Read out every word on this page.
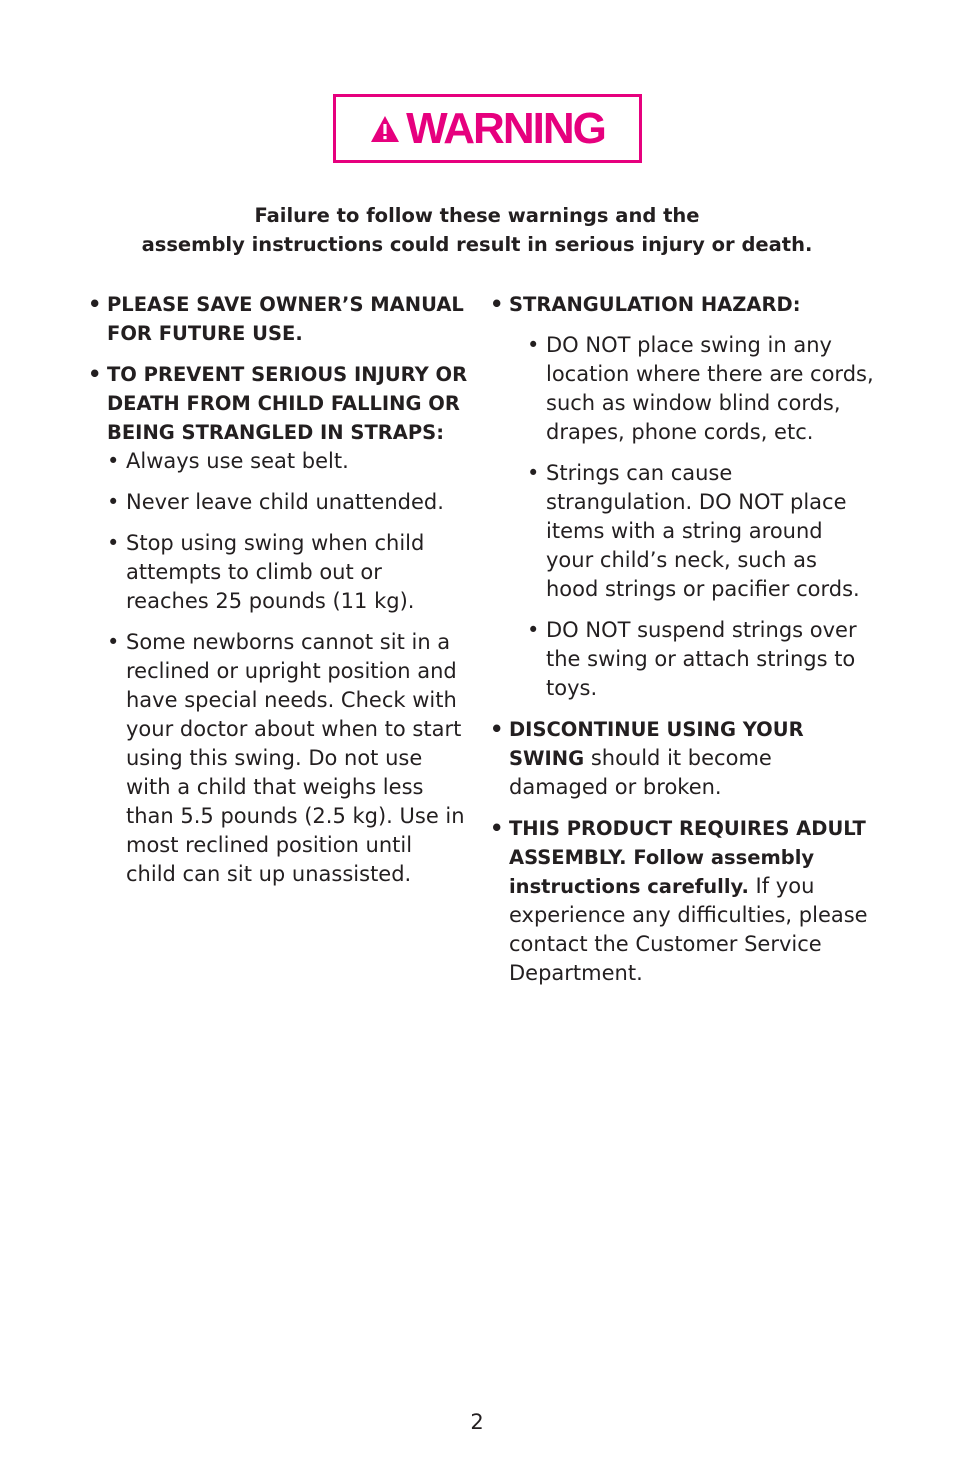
WARNING
Failure to follow these warnings and the
assembly instructions could result in serious injury or death.
• PLEASE SAVE OWNER’S MANUAL FOR FUTURE USE.
• TO PREVENT SERIOUS INJURY OR DEATH FROM CHILD FALLING OR BEING STRANGLED IN STRAPS:
• Always use seat belt.
• Never leave child unattended.
• Stop using swing when child attempts to climb out or reaches 25 pounds (11 kg).
• Some newborns cannot sit in a reclined or upright position and have special needs. Check with your doctor about when to start using this swing. Do not use with a child that weighs less than 5.5 pounds (2.5 kg). Use in most reclined position until child can sit up unassisted.
• STRANGULATION HAZARD:
• DO NOT place swing in any location where there are cords, such as window blind cords, drapes, phone cords, etc.
• Strings can cause strangulation. DO NOT place items with a string around your child’s neck, such as hood strings or pacifier cords.
• DO NOT suspend strings over the swing or attach strings to toys.
• DISCONTINUE USING YOUR SWING should it become damaged or broken.
• THIS PRODUCT REQUIRES ADULT ASSEMBLY. Follow assembly instructions carefully. If you experience any difficulties, please contact the Customer Service Department.
2
